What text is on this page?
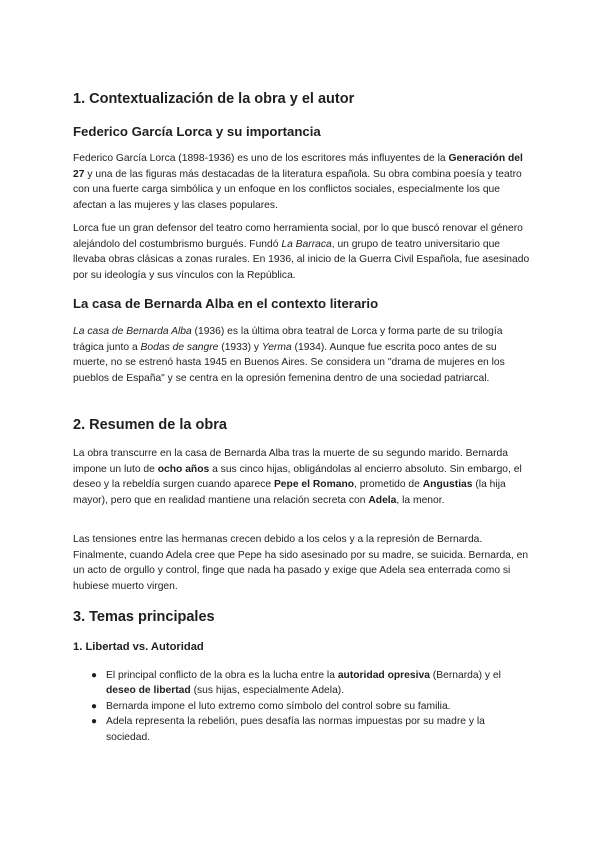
1. Contextualización de la obra y el autor
Federico García Lorca y su importancia

Federico García Lorca (1898-1936) es uno de los escritores más influyentes de la Generación del 27 y una de las figuras más destacadas de la literatura española. Su obra combina poesía y teatro con una fuerte carga simbólica y un enfoque en los conflictos sociales, especialmente los que afectan a las mujeres y las clases populares.

Lorca fue un gran defensor del teatro como herramienta social, por lo que buscó renovar el género alejándolo del costumbrismo burgués. Fundó La Barraca, un grupo de teatro universitario que llevaba obras clásicas a zonas rurales. En 1936, al inicio de la Guerra Civil Española, fue asesinado por su ideología y sus vínculos con la República.

La casa de Bernarda Alba en el contexto literario

La casa de Bernarda Alba (1936) es la última obra teatral de Lorca y forma parte de su trilogía trágica junto a Bodas de sangre (1933) y Yerma (1934). Aunque fue escrita poco antes de su muerte, no se estrenó hasta 1945 en Buenos Aires. Se considera un "drama de mujeres en los pueblos de España" y se centra en la opresión femenina dentro de una sociedad patriarcal.

2. Resumen de la obra

La obra transcurre en la casa de Bernarda Alba tras la muerte de su segundo marido. Bernarda impone un luto de ocho años a sus cinco hijas, obligándolas al encierro absoluto. Sin embargo, el deseo y la rebeldía surgen cuando aparece Pepe el Romano, prometido de Angustias (la hija mayor), pero que en realidad mantiene una relación secreta con Adela, la menor.

Las tensiones entre las hermanas crecen debido a los celos y a la represión de Bernarda. Finalmente, cuando Adela cree que Pepe ha sido asesinado por su madre, se suicida. Bernarda, en un acto de orgullo y control, finge que nada ha pasado y exige que Adela sea enterrada como si hubiese muerto virgen.

3. Temas principales
1. Libertad vs. Autoridad
● El principal conflicto de la obra es la lucha entre la autoridad opresiva (Bernarda) y el deseo de libertad (sus hijas, especialmente Adela).
● Bernarda impone el luto extremo como símbolo del control sobre su familia.
● Adela representa la rebelión, pues desafía las normas impuestas por su madre y la sociedad.
